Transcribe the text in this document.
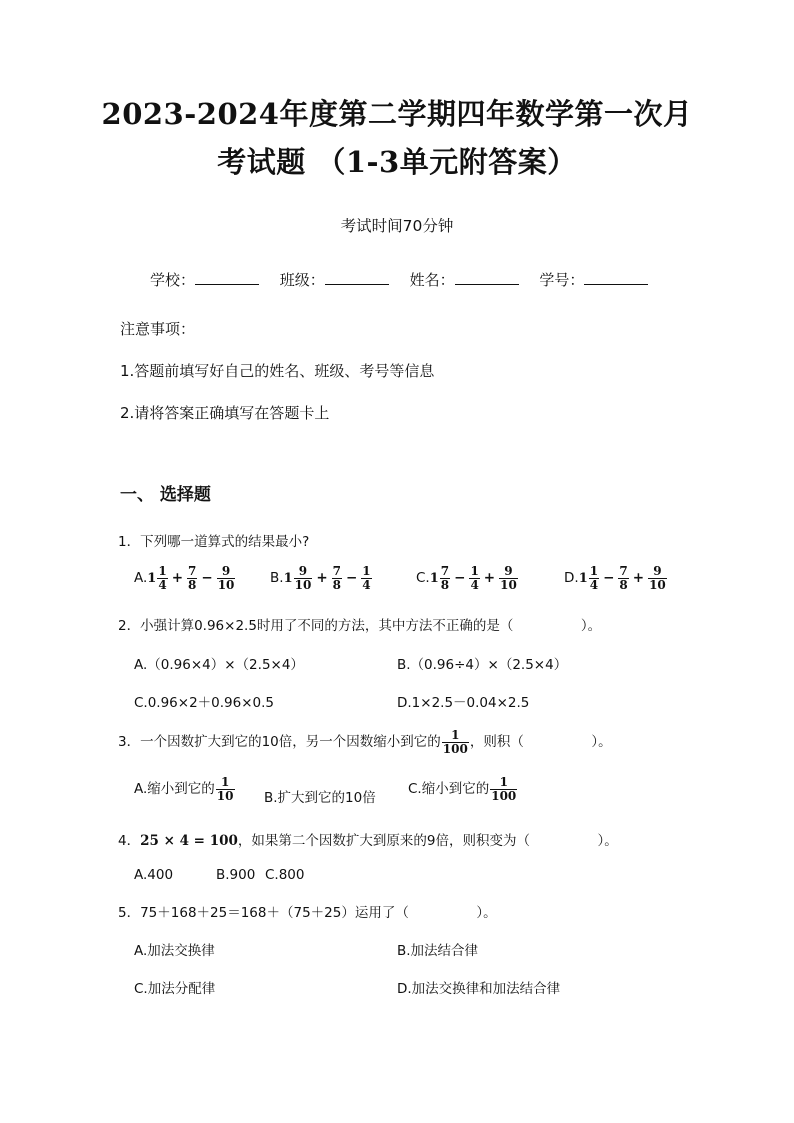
2023-2024年度第二学期四年数学第一次月
考试题 （1-3单元附答案）
考试时间70分钟
学校：	班级：	姓名：	学号：
注意事项：
1.答题前填写好自己的姓名、班级、考号等信息
2.请将答案正确填写在答题卡上
一、 选择题
1．下列哪一道算式的结果最小?
$A.1 \frac{1}{4} + \frac{7}{8} - \frac{9}{10}$	$B.1 \frac{9}{10} + \frac{7}{8} - \frac{1}{4}$	$C.1 \frac{7}{8} - \frac{1}{4} + \frac{9}{10}$	$D.1 \frac{1}{4} - \frac{7}{8} + \frac{9}{10}$
2．小强计算0.96×2.5时用了不同的方法，其中方法不正确的是（　　　　　）。
A.（0.96×4）×（2.5×4）	B.（0.96÷4）×（2.5×4）
C.0.96×2＋0.96×0.5	D.1×2.5－0.04×2.5
3．一个因数扩大到它的10倍，另一个因数缩小到它的 $\frac{1}{100}$ ，则积（　　　　　）。
A.缩小到它的 $\frac{1}{10} B$.扩大到它的10倍
C.缩小到它的 $\frac{1}{100}$
4．25 × 4 = 100，如果第二个因数扩大到原来的9倍，则积变为（　　　　　）。
A.400	B.900 C.800
5．75＋168＋25＝168＋（75＋25）运用了（　　　　　）。
A.加法交换律	B.加法结合律
C.加法分配律	D.加法交换律和加法结合律
